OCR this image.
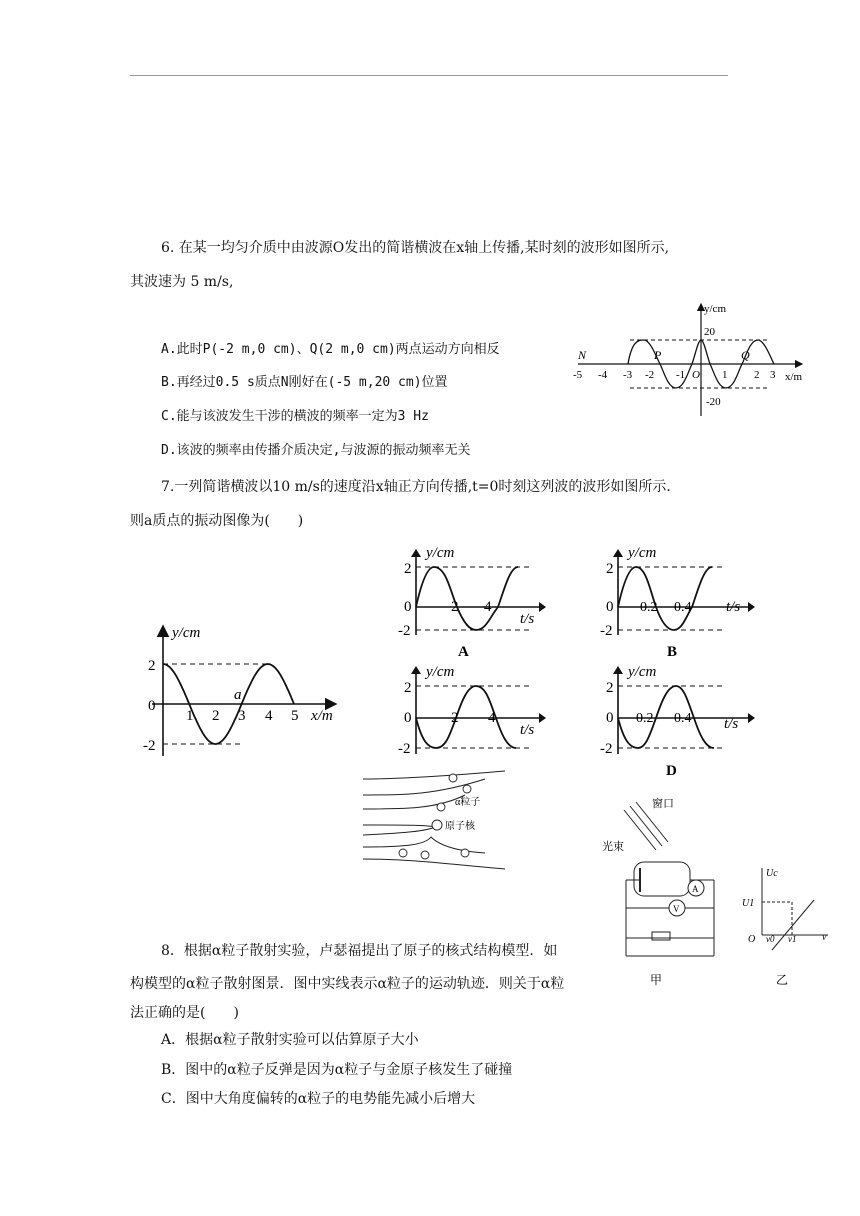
6. 在某一均匀介质中由波源O发出的简谐横波在x轴上传播,某时刻的波形如图所示,
其波速为 5 m/s,
A.此时P(-2 m,0 cm)、Q(2 m,0 cm)两点运动方向相反
B.再经过0.5 s质点N刚好在(-5 m,20 cm)位置
C.能与该波发生干涉的横波的频率一定为3 Hz
D.该波的频率由传播介质决定,与波源的振动频率无关
y/cm
x/m
20
-20
-5 -4 -3 -2 -1 O 1 2 3
N	P	Q
7.一列简谐横波以10 m/s的速度沿x轴正方向传播,t=0时刻这列波的波形如图所示.
则a质点的振动图像为(　　)
y/cm
x/m
2
0
-2
1 2 3 4 5
a
y/cm
t/s
2
0
-2
2 4
A
y/cm
t/s
2
0
-2
0.2 0.4
B
y/cm
t/s
2
0
-2
2 4
y/cm
t/s
2
0
-2
0.2 0.4
D
α粒子
原子核
窗口
光束
A
V
甲
Uc
U1
O ν0 ν1	ν
乙
8．根据α粒子散射实验，卢瑟福提出了原子的核式结构模型．如
构模型的α粒子散射图景．图中实线表示α粒子的运动轨迹．则关于α粒
法正确的是(　　)
A．根据α粒子散射实验可以估算原子大小
B．图中的α粒子反弹是因为α粒子与金原子核发生了碰撞
C．图中大角度偏转的α粒子的电势能先减小后增大
